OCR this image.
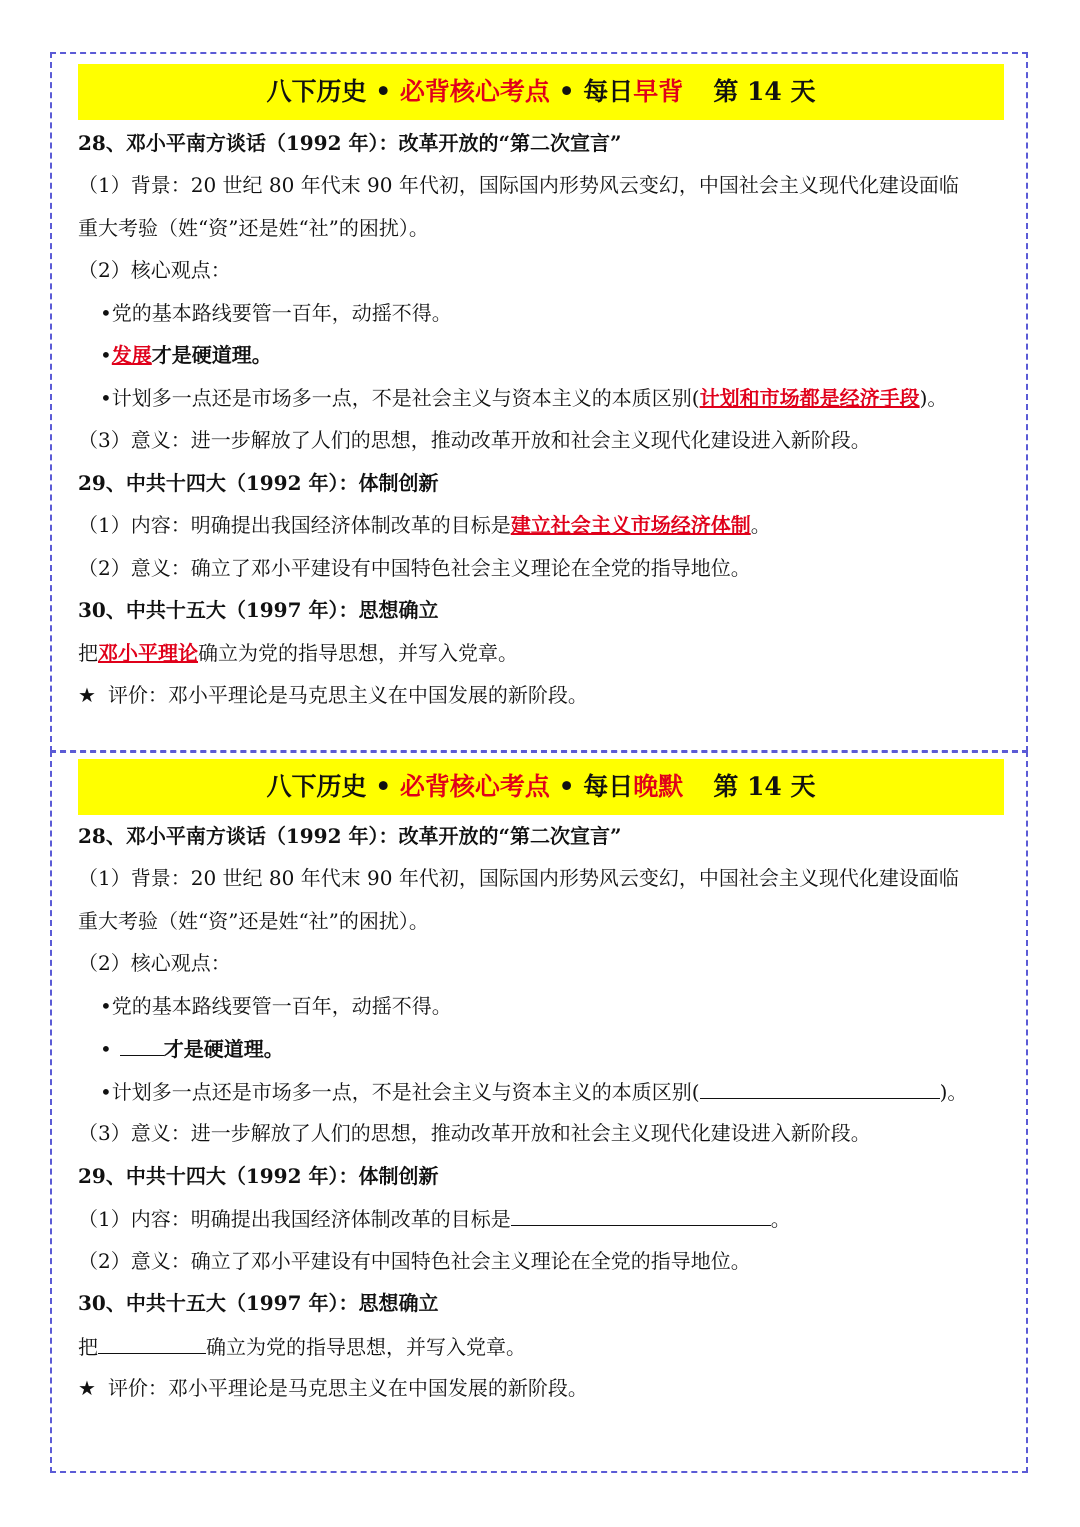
八下历史 • 必背核心考点 • 每日早背 第 14 天
28、邓小平南方谈话（1992 年）：改革开放的“第二次宣言”
（1）背景：20 世纪 80 年代末 90 年代初，国际国内形势风云变幻，中国社会主义现代化建设面临
重大考验（姓“资”还是姓“社”的困扰）。
（2）核心观点：
•党的基本路线要管一百年，动摇不得。
•发展才是硬道理。
•计划多一点还是市场多一点，不是社会主义与资本主义的本质区别(计划和市场都是经济手段)。
（3）意义：进一步解放了人们的思想，推动改革开放和社会主义现代化建设进入新阶段。
29、中共十四大（1992 年）：体制创新
（1）内容：明确提出我国经济体制改革的目标是建立社会主义市场经济体制。
（2）意义：确立了邓小平建设有中国特色社会主义理论在全党的指导地位。
30、中共十五大（1997 年）：思想确立
把邓小平理论确立为党的指导思想，并写入党章。
★ 评价：邓小平理论是马克思主义在中国发展的新阶段。
八下历史 • 必背核心考点 • 每日晚默 第 14 天
28、邓小平南方谈话（1992 年）：改革开放的“第二次宣言”
（1）背景：20 世纪 80 年代末 90 年代初，国际国内形势风云变幻，中国社会主义现代化建设面临
重大考验（姓“资”还是姓“社”的困扰）。
（2）核心观点：
•党的基本路线要管一百年，动摇不得。
•	才是硬道理。
•计划多一点还是市场多一点，不是社会主义与资本主义的本质区别(	)。
（3）意义：进一步解放了人们的思想，推动改革开放和社会主义现代化建设进入新阶段。
29、中共十四大（1992 年）：体制创新
（1）内容：明确提出我国经济体制改革的目标是	。
（2）意义：确立了邓小平建设有中国特色社会主义理论在全党的指导地位。
30、中共十五大（1997 年）：思想确立
把	确立为党的指导思想，并写入党章。
★ 评价：邓小平理论是马克思主义在中国发展的新阶段。
